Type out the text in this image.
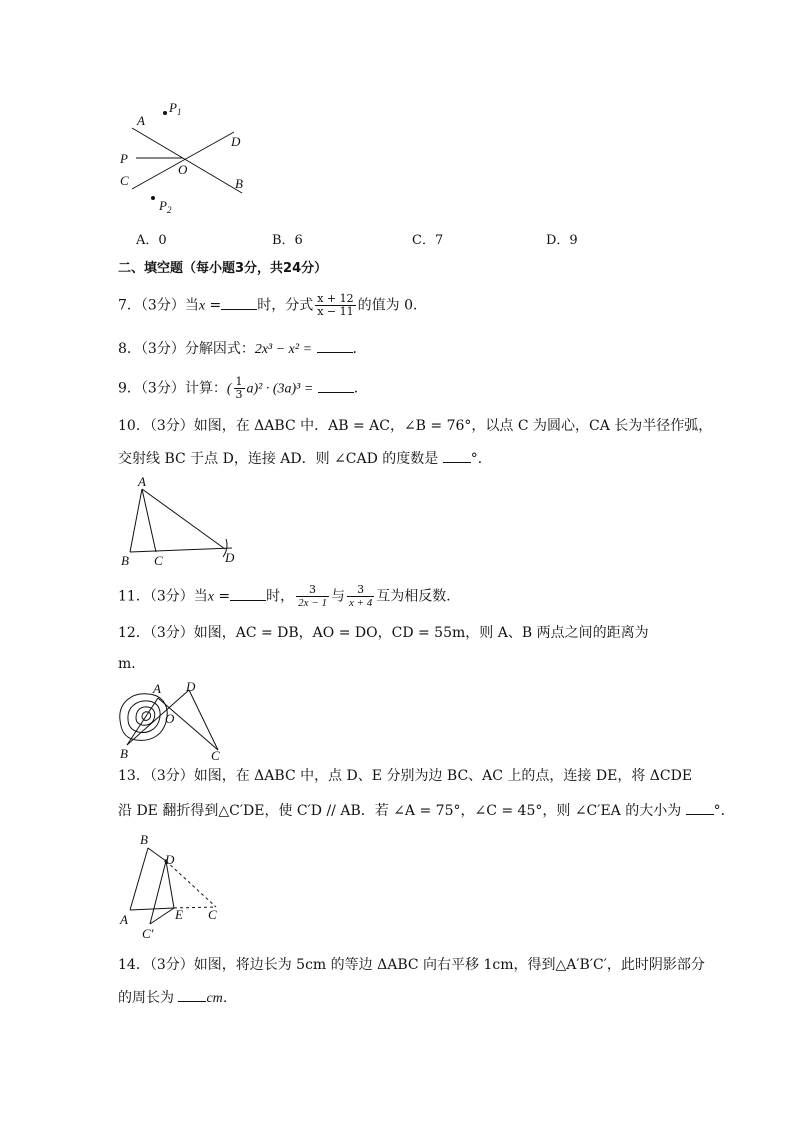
$P_1$
A
D
P
O
C	B
$P_2$
A．0	B．6	C．7	D．9
二、填空题（每小题3分，共24分）
7．（3分）当x =	时，分式 $\frac{x + 12}{x - 11}$ 的值为 0．
8．（3分）分解因式：2x³ − x² =	．
9．（3分）计算：( $\frac{1}{3} a)^2 \cdot (3a)^3$ =	．
10．（3分）如图，在 ΔABC 中．AB = AC，∠B = 76°，以点 C 为圆心，CA 长为半径作弧，
交射线 BC 于点 D，连接 AD．则 ∠CAD 的度数是 °．
A
B C	D
11．（3分）当x =	时， $\frac{3}{2x - 1}$ 与 $\frac{3}{x + 4}$ 互为相反数．
12．（3分）如图，AC = DB，AO = DO，CD = 55m，则 A、B 两点之间的距离为
m．
A D
O
B	C
13．（3分）如图，在 ΔABC 中，点 D、E 分别为边 BC、AC 上的点，连接 DE，将 ΔCDE
沿 DE 翻折得到△C′DE，使 C′D // AB．若 ∠A = 75°，∠C = 45°，则 ∠C′EA 的大小为 °．
B
D
A	E C
C′
14．（3分）如图，将边长为 5cm 的等边 ΔABC 向右平移 1cm，得到△A′B′C′，此时阴影部分
的周长为 cm．
